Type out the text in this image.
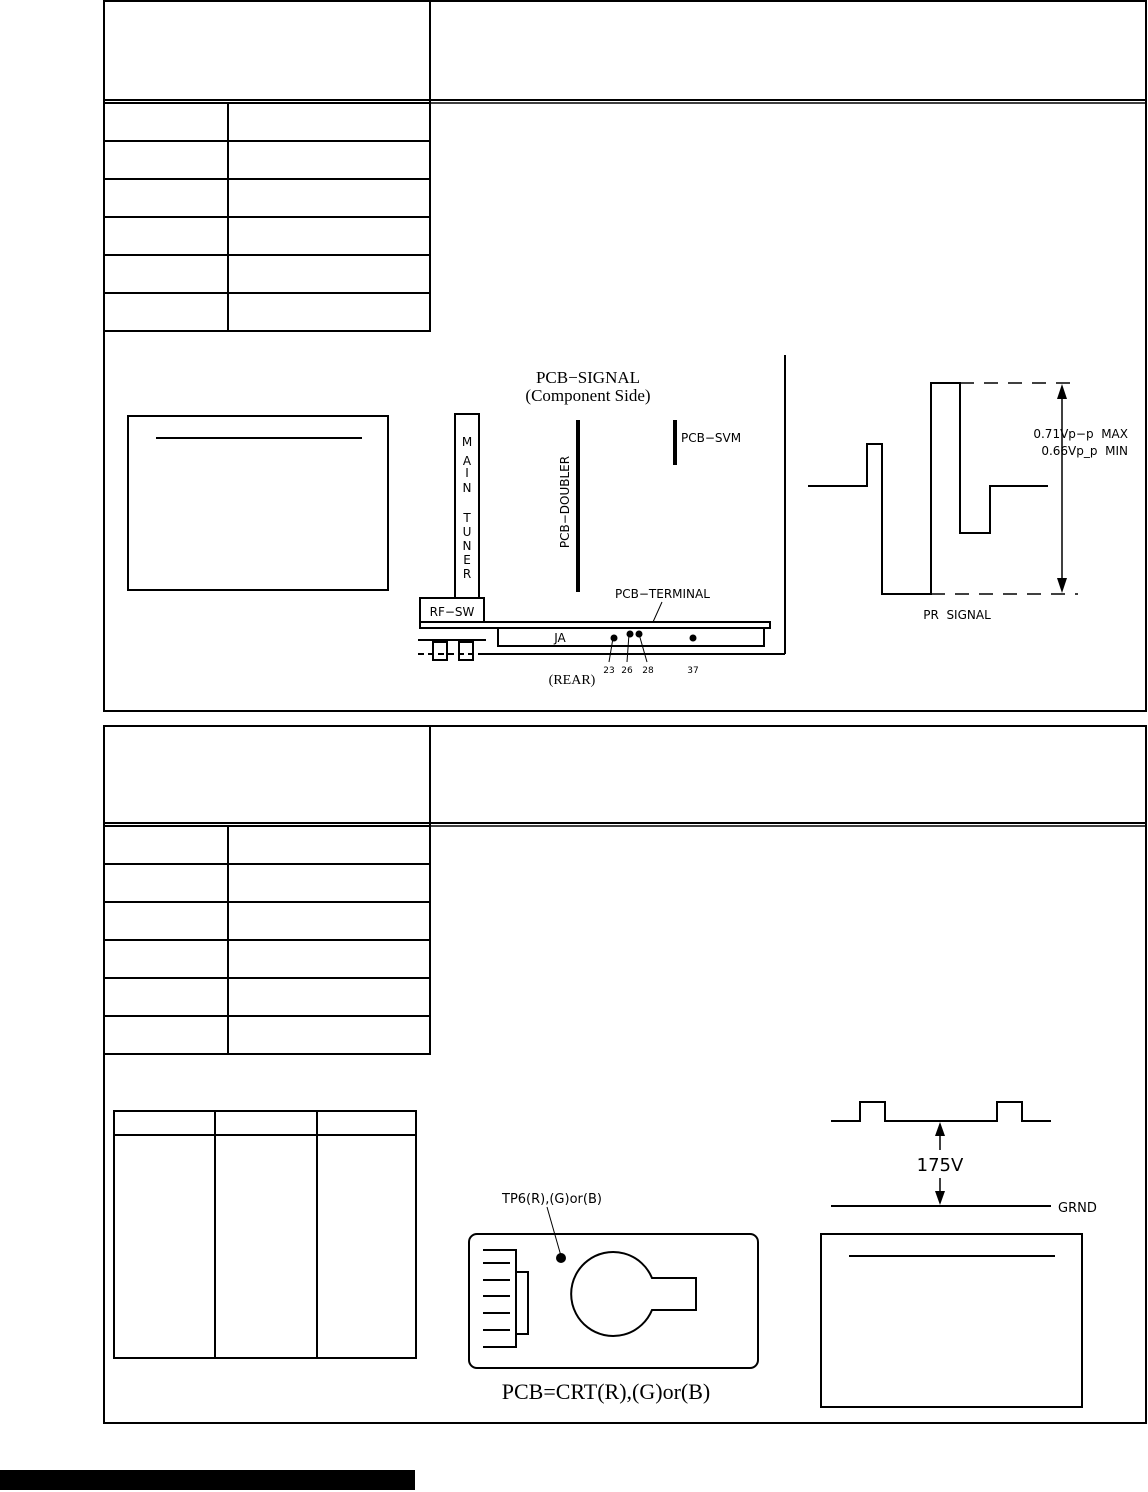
PCB−SIGNAL
(Component Side)
M
A
I
N
T
U
N
E
R
PCB−DOUBLER
PCB−SVM
PCB−TERMINAL
RF−SW
JA
(REAR)
23 26 28	37
0.71Vp−p  MAX
0.66Vp_p  MIN
PR  SIGNAL
TP6(R),(G)or(B)
PCB=CRT(R),(G)or(B)
175V
GRND
